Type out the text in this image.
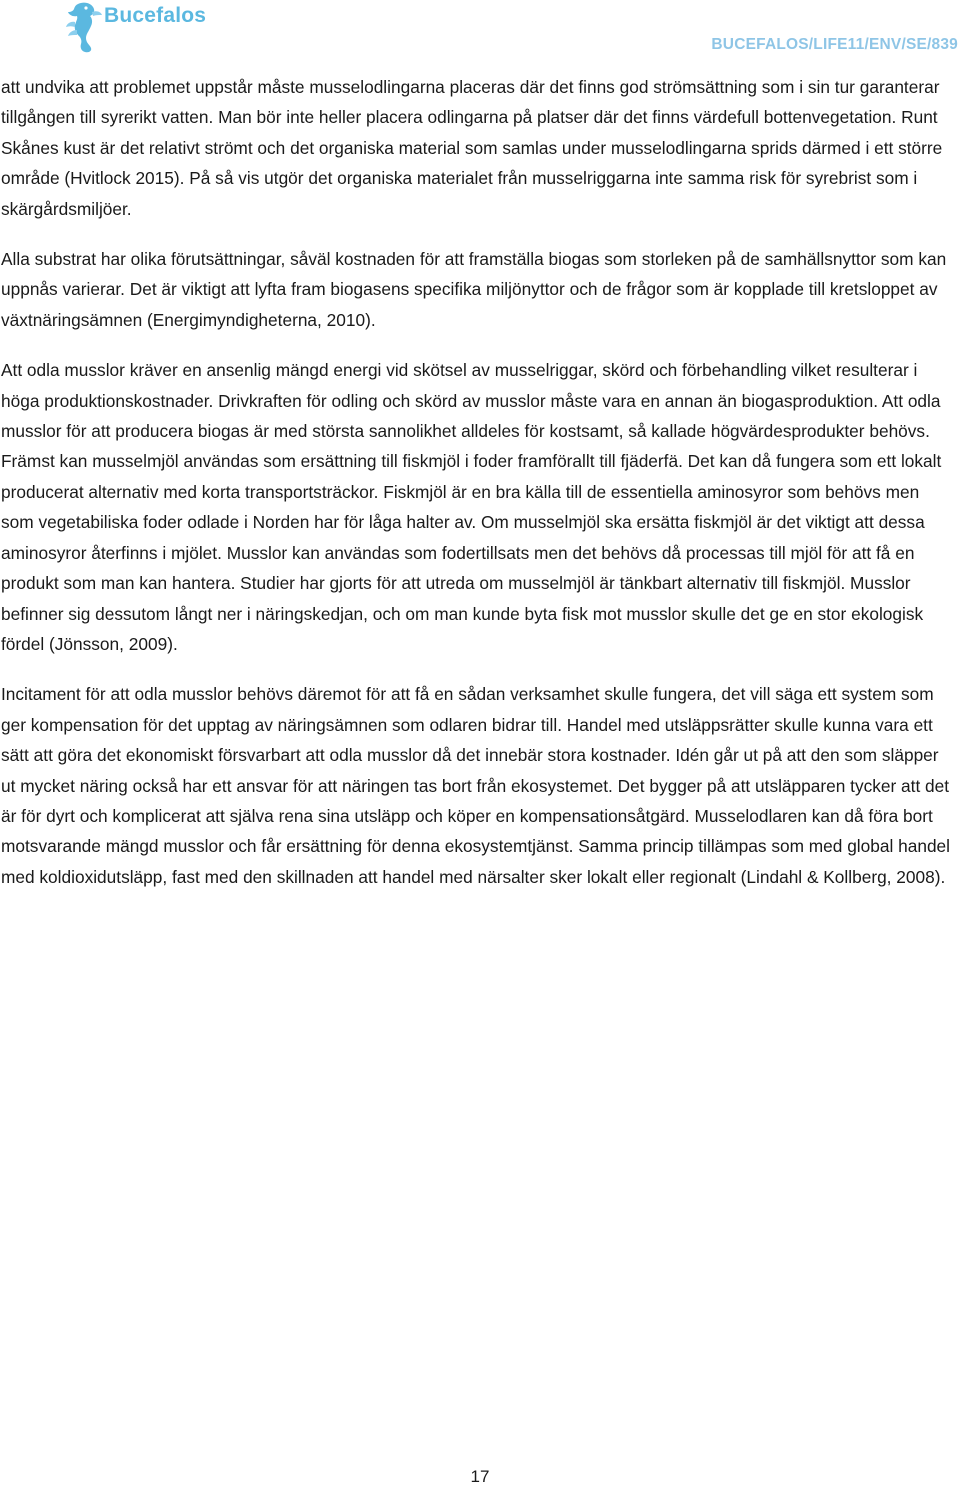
Bucefalos
BUCEFALOS/LIFE11/ENV/SE/839

att undvika att problemet uppstår måste musselodlingarna placeras där det finns god strömsättning som i sin tur garanterar tillgången till syrerikt vatten. Man bör inte heller placera odlingarna på platser där det finns värdefull bottenvegetation. Runt Skånes kust är det relativt strömt och det organiska material som samlas under musselodlingarna sprids därmed i ett större område (Hvitlock 2015). På så vis utgör det organiska materialet från musselriggarna inte samma risk för syrebrist som i skärgårdsmiljöer.

Alla substrat har olika förutsättningar, såväl kostnaden för att framställa biogas som storleken på de samhällsnyttor som kan uppnås varierar. Det är viktigt att lyfta fram biogasens specifika miljönyttor och de frågor som är kopplade till kretsloppet av växtnäringsämnen (Energimyndigheterna, 2010).

Att odla musslor kräver en ansenlig mängd energi vid skötsel av musselriggar, skörd och förbehandling vilket resulterar i höga produktionskostnader. Drivkraften för odling och skörd av musslor måste vara en annan än biogasproduktion. Att odla musslor för att producera biogas är med största sannolikhet alldeles för kostsamt, så kallade högvärdesprodukter behövs. Främst kan musselmjöl användas som ersättning till fiskmjöl i foder framförallt till fjäderfä. Det kan då fungera som ett lokalt producerat alternativ med korta transportsträckor. Fiskmjöl är en bra källa till de essentiella aminosyror som behövs men som vegetabiliska foder odlade i Norden har för låga halter av. Om musselmjöl ska ersätta fiskmjöl är det viktigt att dessa aminosyror återfinns i mjölet. Musslor kan användas som fodertillsats men det behövs då processas till mjöl för att få en produkt som man kan hantera. Studier har gjorts för att utreda om musselmjöl är tänkbart alternativ till fiskmjöl. Musslor befinner sig dessutom långt ner i näringskedjan, och om man kunde byta fisk mot musslor skulle det ge en stor ekologisk fördel (Jönsson, 2009).

Incitament för att odla musslor behövs däremot för att få en sådan verksamhet skulle fungera, det vill säga ett system som ger kompensation för det upptag av näringsämnen som odlaren bidrar till. Handel med utsläppsrätter skulle kunna vara ett sätt att göra det ekonomiskt försvarbart att odla musslor då det innebär stora kostnader. Idén går ut på att den som släpper ut mycket näring också har ett ansvar för att näringen tas bort från ekosystemet. Det bygger på att utsläpparen tycker att det är för dyrt och komplicerat att själva rena sina utsläpp och köper en kompensationsåtgärd. Musselodlaren kan då föra bort motsvarande mängd musslor och får ersättning för denna ekosystemtjänst. Samma princip tillämpas som med global handel med koldioxidutsläpp, fast med den skillnaden att handel med närsalter sker lokalt eller regionalt (Lindahl & Kollberg, 2008).

17
